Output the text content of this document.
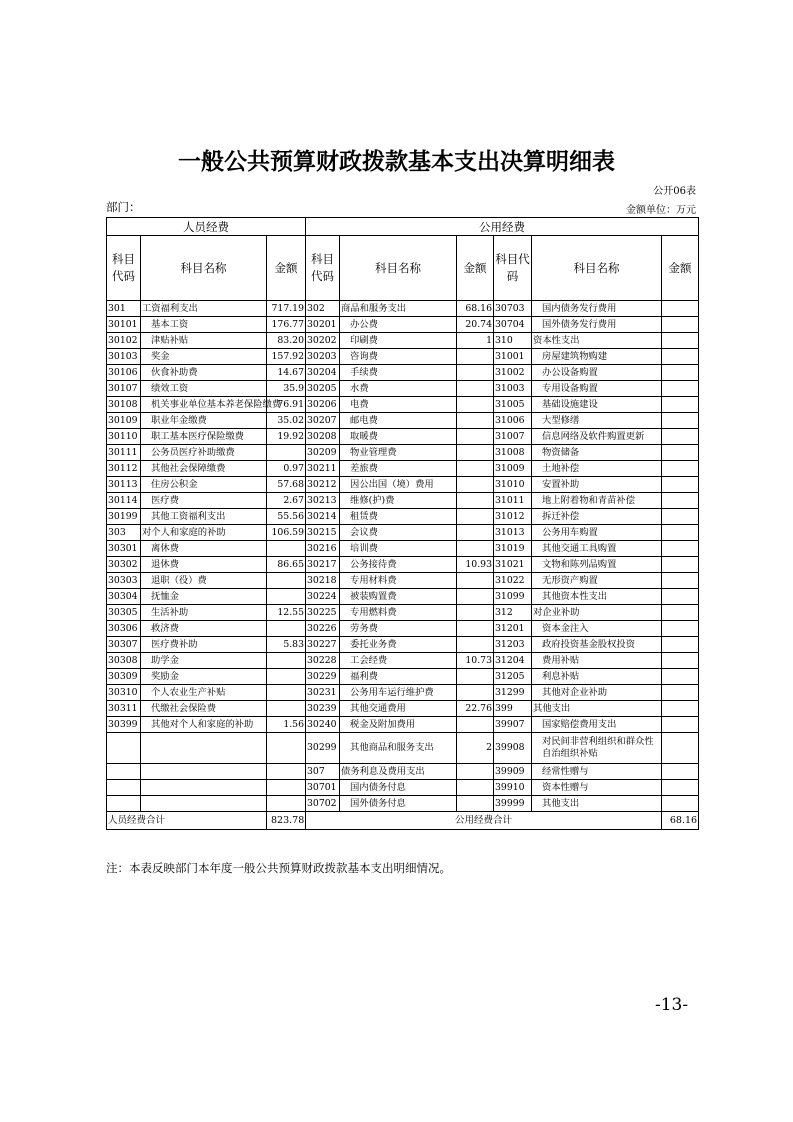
一般公共预算财政拨款基本支出决算明细表
公开06表
部门：	金额单位：万元
人员经费			公用经费					
科目代码	科目名称	金额	科目代码	科目名称	金额	科目代码	科目名称	金额
301	工资福利支出	717.19	302	商品和服务支出	68.16	30703	国内债务发行费用	
30101	基本工资	176.77	30201	办公费	20.74	30704	国外债务发行费用	
30102	津贴补贴	83.20	30202	印刷费	1	310	资本性支出	
30103	奖金	157.92	30203	咨询费		31001	房屋建筑物购建	
30106	伙食补助费	14.67	30204	手续费		31002	办公设备购置	
30107	绩效工资	35.9	30205	水费		31003	专用设备购置	
30108	机关事业单位基本养老保险缴费	76.91	30206	电费		31005	基础设施建设	
30109	职业年金缴费	35.02	30207	邮电费		31006	大型修缮	
30110	职工基本医疗保险缴费	19.92	30208	取暖费		31007	信息网络及软件购置更新	
30111	公务员医疗补助缴费		30209	物业管理费		31008	物资储备	
30112	其他社会保障缴费	0.97	30211	差旅费		31009	土地补偿	
30113	住房公积金	57.68	30212	因公出国（境）费用		31010	安置补助	
30114	医疗费	2.67	30213	维修(护)费		31011	地上附着物和青苗补偿	
30199	其他工资福利支出	55.56	30214	租赁费		31012	拆迁补偿	
303	对个人和家庭的补助	106.59	30215	会议费		31013	公务用车购置	
30301	离休费		30216	培训费		31019	其他交通工具购置	
30302	退休费	86.65	30217	公务接待费	10.93	31021	文物和陈列品购置	
30303	退职（役）费		30218	专用材料费		31022	无形资产购置	
30304	抚恤金		30224	被装购置费		31099	其他资本性支出	
30305	生活补助	12.55	30225	专用燃料费		312	对企业补助	
30306	救济费		30226	劳务费		31201	资本金注入	
30307	医疗费补助	5.83	30227	委托业务费		31203	政府投资基金股权投资	
30308	助学金		30228	工会经费	10.73	31204	费用补贴	
30309	奖励金		30229	福利费		31205	利息补贴	
30310	个人农业生产补贴		30231	公务用车运行维护费		31299	其他对企业补助	
30311	代缴社会保险费		30239	其他交通费用	22.76	399	其他支出	
30399	其他对个人和家庭的补助	1.56	30240	税金及附加费用		39907	国家赔偿费用支出	
			30299	其他商品和服务支出	2	39908	对民间非营利组织和群众性自治组织补贴	
			307	债务利息及费用支出		39909	经常性赠与	
			30701	国内债务付息		39910	资本性赠与	
			30702	国外债务付息		39999	其他支出	
人员经费合计		823.78	公用经费合计					68.16
注：本表反映部门本年度一般公共预算财政拨款基本支出明细情况。
-13-
